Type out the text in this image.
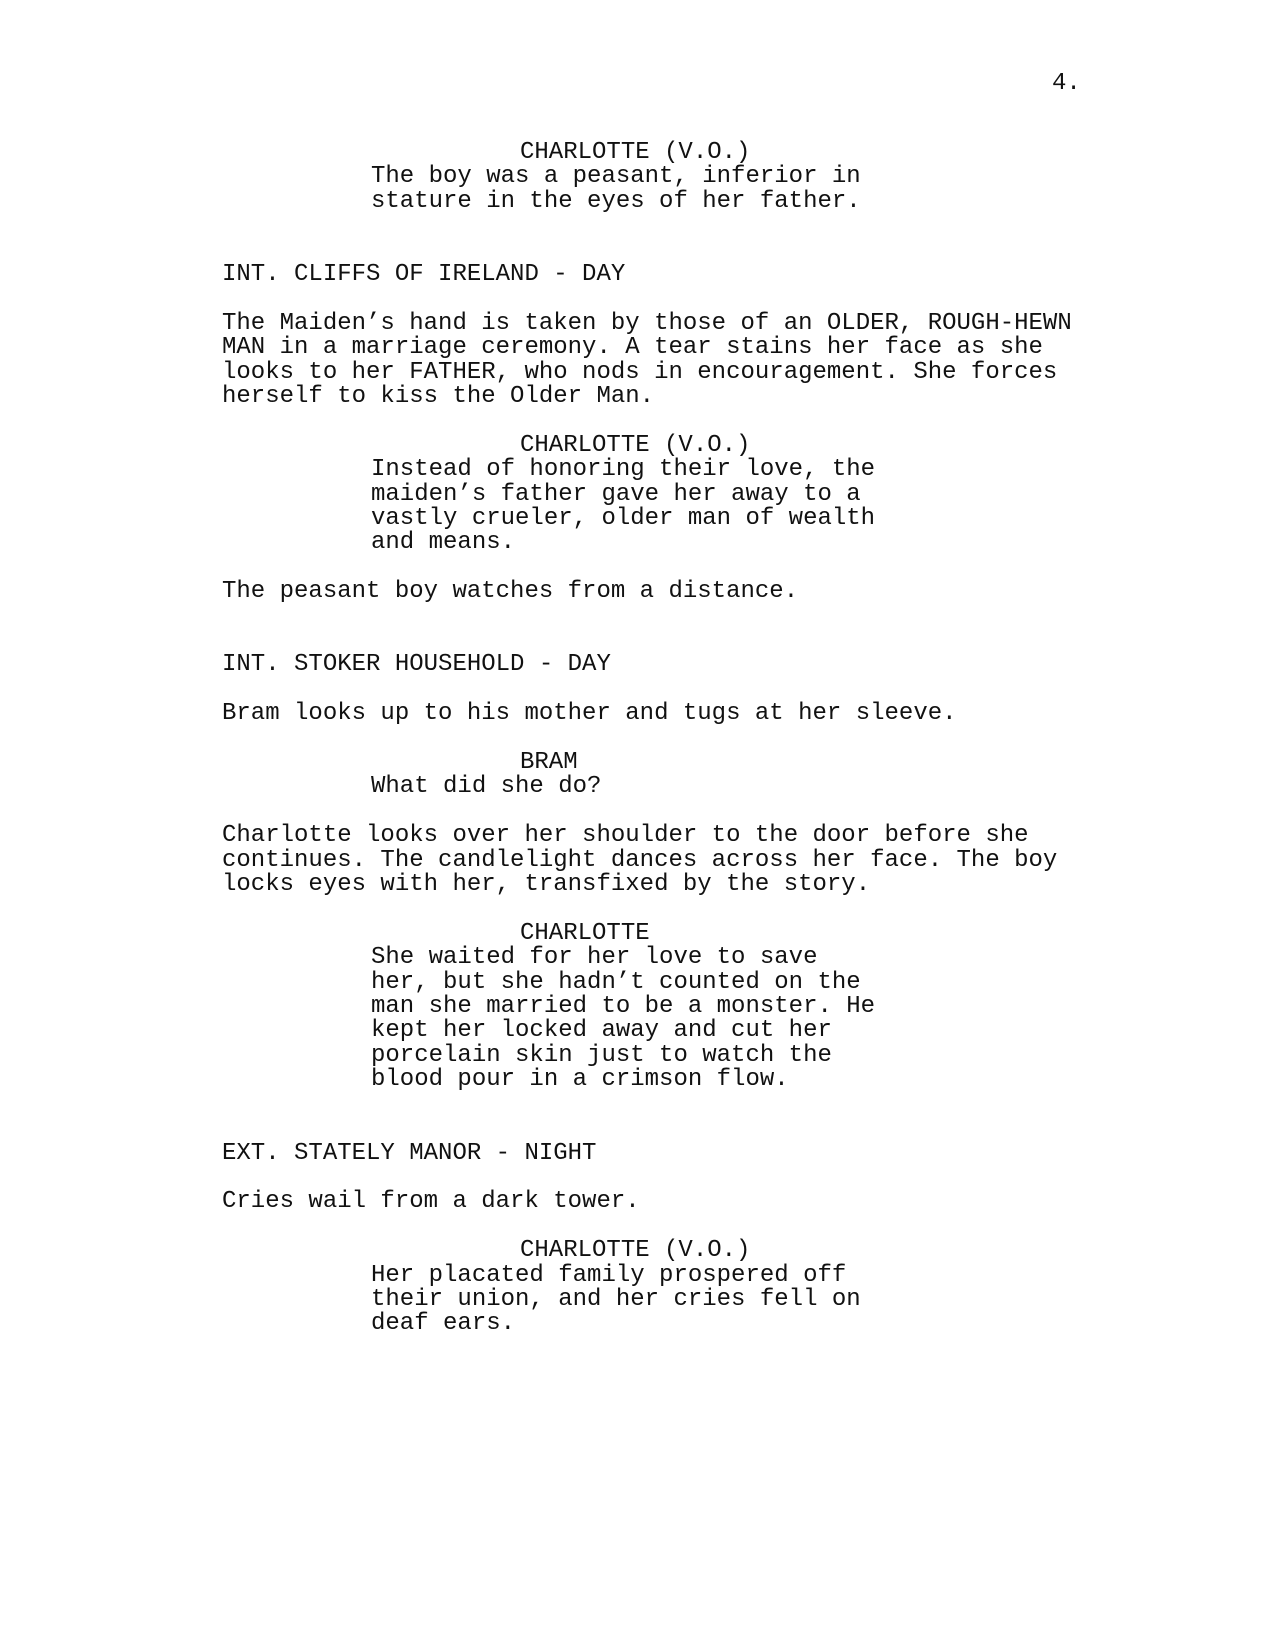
4.

CHARLOTTE (V.O.)
The boy was a peasant, inferior in
stature in the eyes of her father.
INT. CLIFFS OF IRELAND - DAY
The Maiden’s hand is taken by those of an OLDER, ROUGH-HEWN
MAN in a marriage ceremony. A tear stains her face as she
looks to her FATHER, who nods in encouragement. She forces
herself to kiss the Older Man.
CHARLOTTE (V.O.)
Instead of honoring their love, the
maiden’s father gave her away to a
vastly crueler, older man of wealth
and means.
The peasant boy watches from a distance.
INT. STOKER HOUSEHOLD - DAY
Bram looks up to his mother and tugs at her sleeve.
BRAM
What did she do?
Charlotte looks over her shoulder to the door before she
continues. The candlelight dances across her face. The boy
locks eyes with her, transfixed by the story.
CHARLOTTE
She waited for her love to save
her, but she hadn’t counted on the
man she married to be a monster. He
kept her locked away and cut her
porcelain skin just to watch the
blood pour in a crimson flow.
EXT. STATELY MANOR - NIGHT
Cries wail from a dark tower.
CHARLOTTE (V.O.)
Her placated family prospered off
their union, and her cries fell on
deaf ears.
